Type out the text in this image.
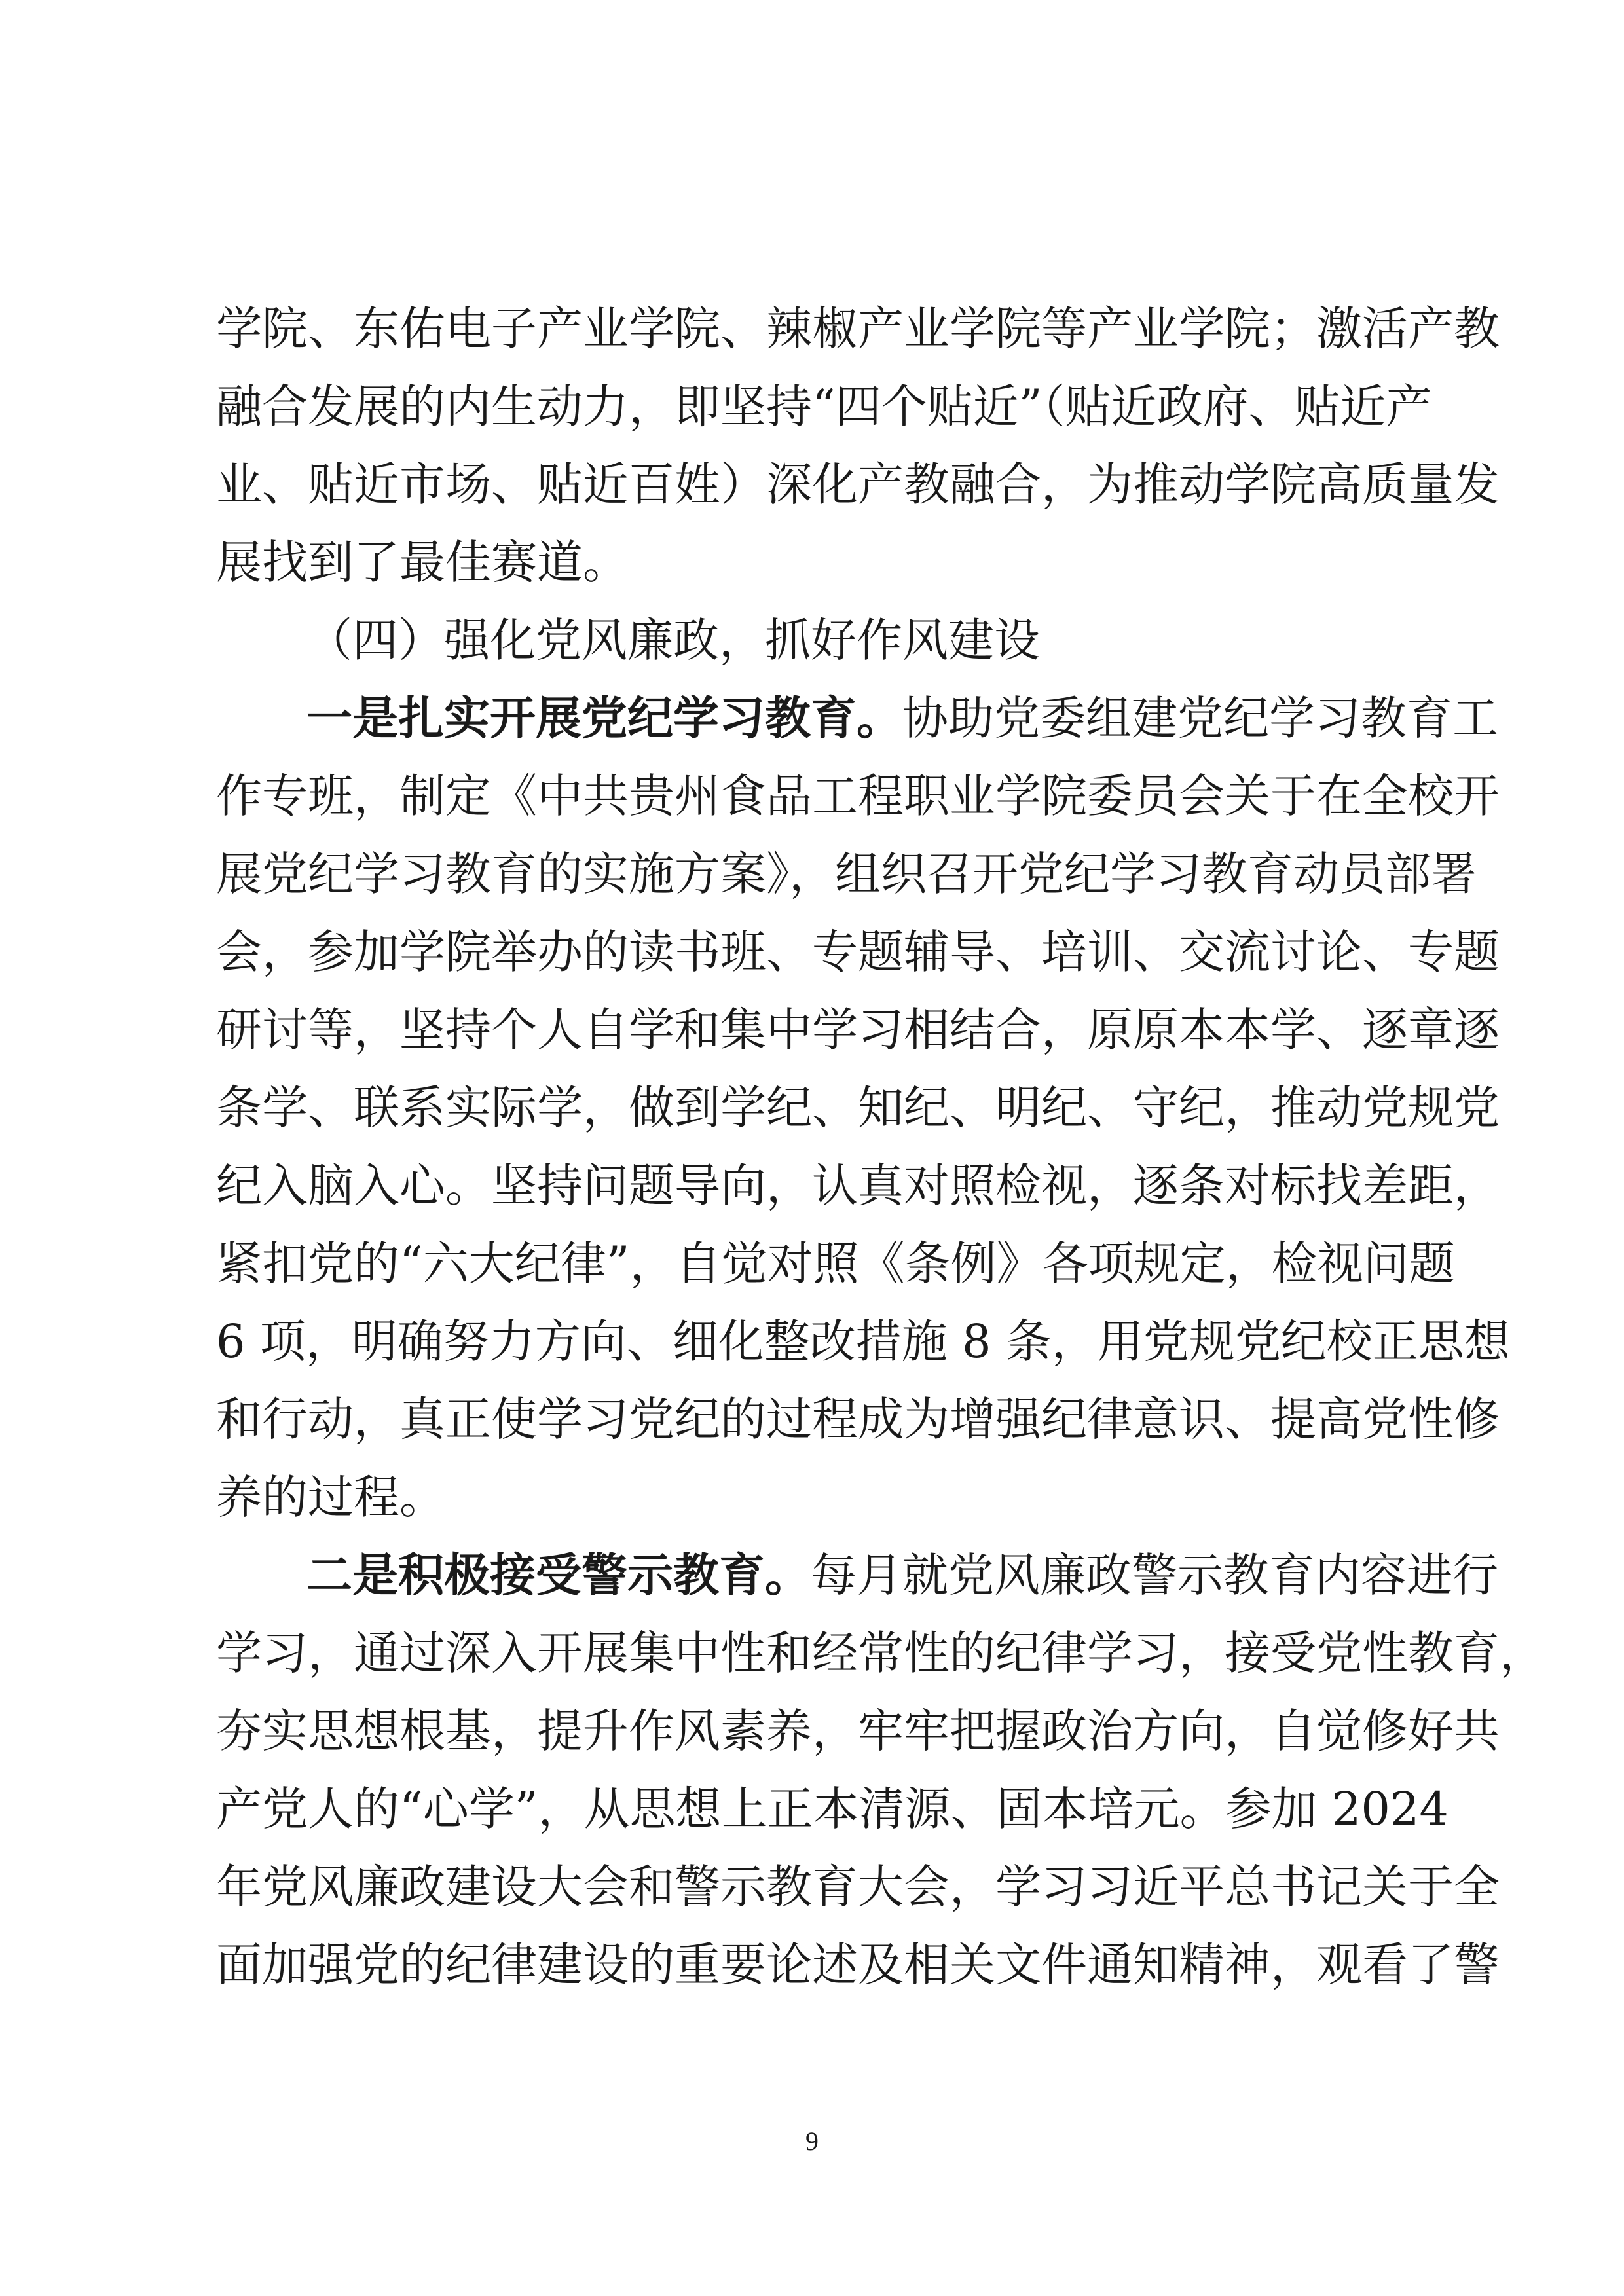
学院、东佑电子产业学院、辣椒产业学院等产业学院；激活产教
融合发展的内生动力，即坚持“四个贴近”（贴近政府、贴近产
业、贴近市场、贴近百姓）深化产教融合，为推动学院高质量发
展找到了最佳赛道。
（四）强化党风廉政，抓好作风建设
一是扎实开展党纪学习教育。协助党委组建党纪学习教育工
作专班，制定《中共贵州食品工程职业学院委员会关于在全校开
展党纪学习教育的实施方案》，组织召开党纪学习教育动员部署
会，参加学院举办的读书班、专题辅导、培训、交流讨论、专题
研讨等，坚持个人自学和集中学习相结合，原原本本学、逐章逐
条学、联系实际学，做到学纪、知纪、明纪、守纪，推动党规党
纪入脑入心。坚持问题导向，认真对照检视，逐条对标找差距，
紧扣党的“六大纪律”，自觉对照《条例》各项规定，检视问题
6 项，明确努力方向、细化整改措施 8 条，用党规党纪校正思想
和行动，真正使学习党纪的过程成为增强纪律意识、提高党性修
养的过程。
二是积极接受警示教育。每月就党风廉政警示教育内容进行
学习，通过深入开展集中性和经常性的纪律学习，接受党性教育，
夯实思想根基，提升作风素养，牢牢把握政治方向，自觉修好共
产党人的“心学”，从思想上正本清源、固本培元。参加 2024
年党风廉政建设大会和警示教育大会，学习习近平总书记关于全
面加强党的纪律建设的重要论述及相关文件通知精神，观看了警
9
